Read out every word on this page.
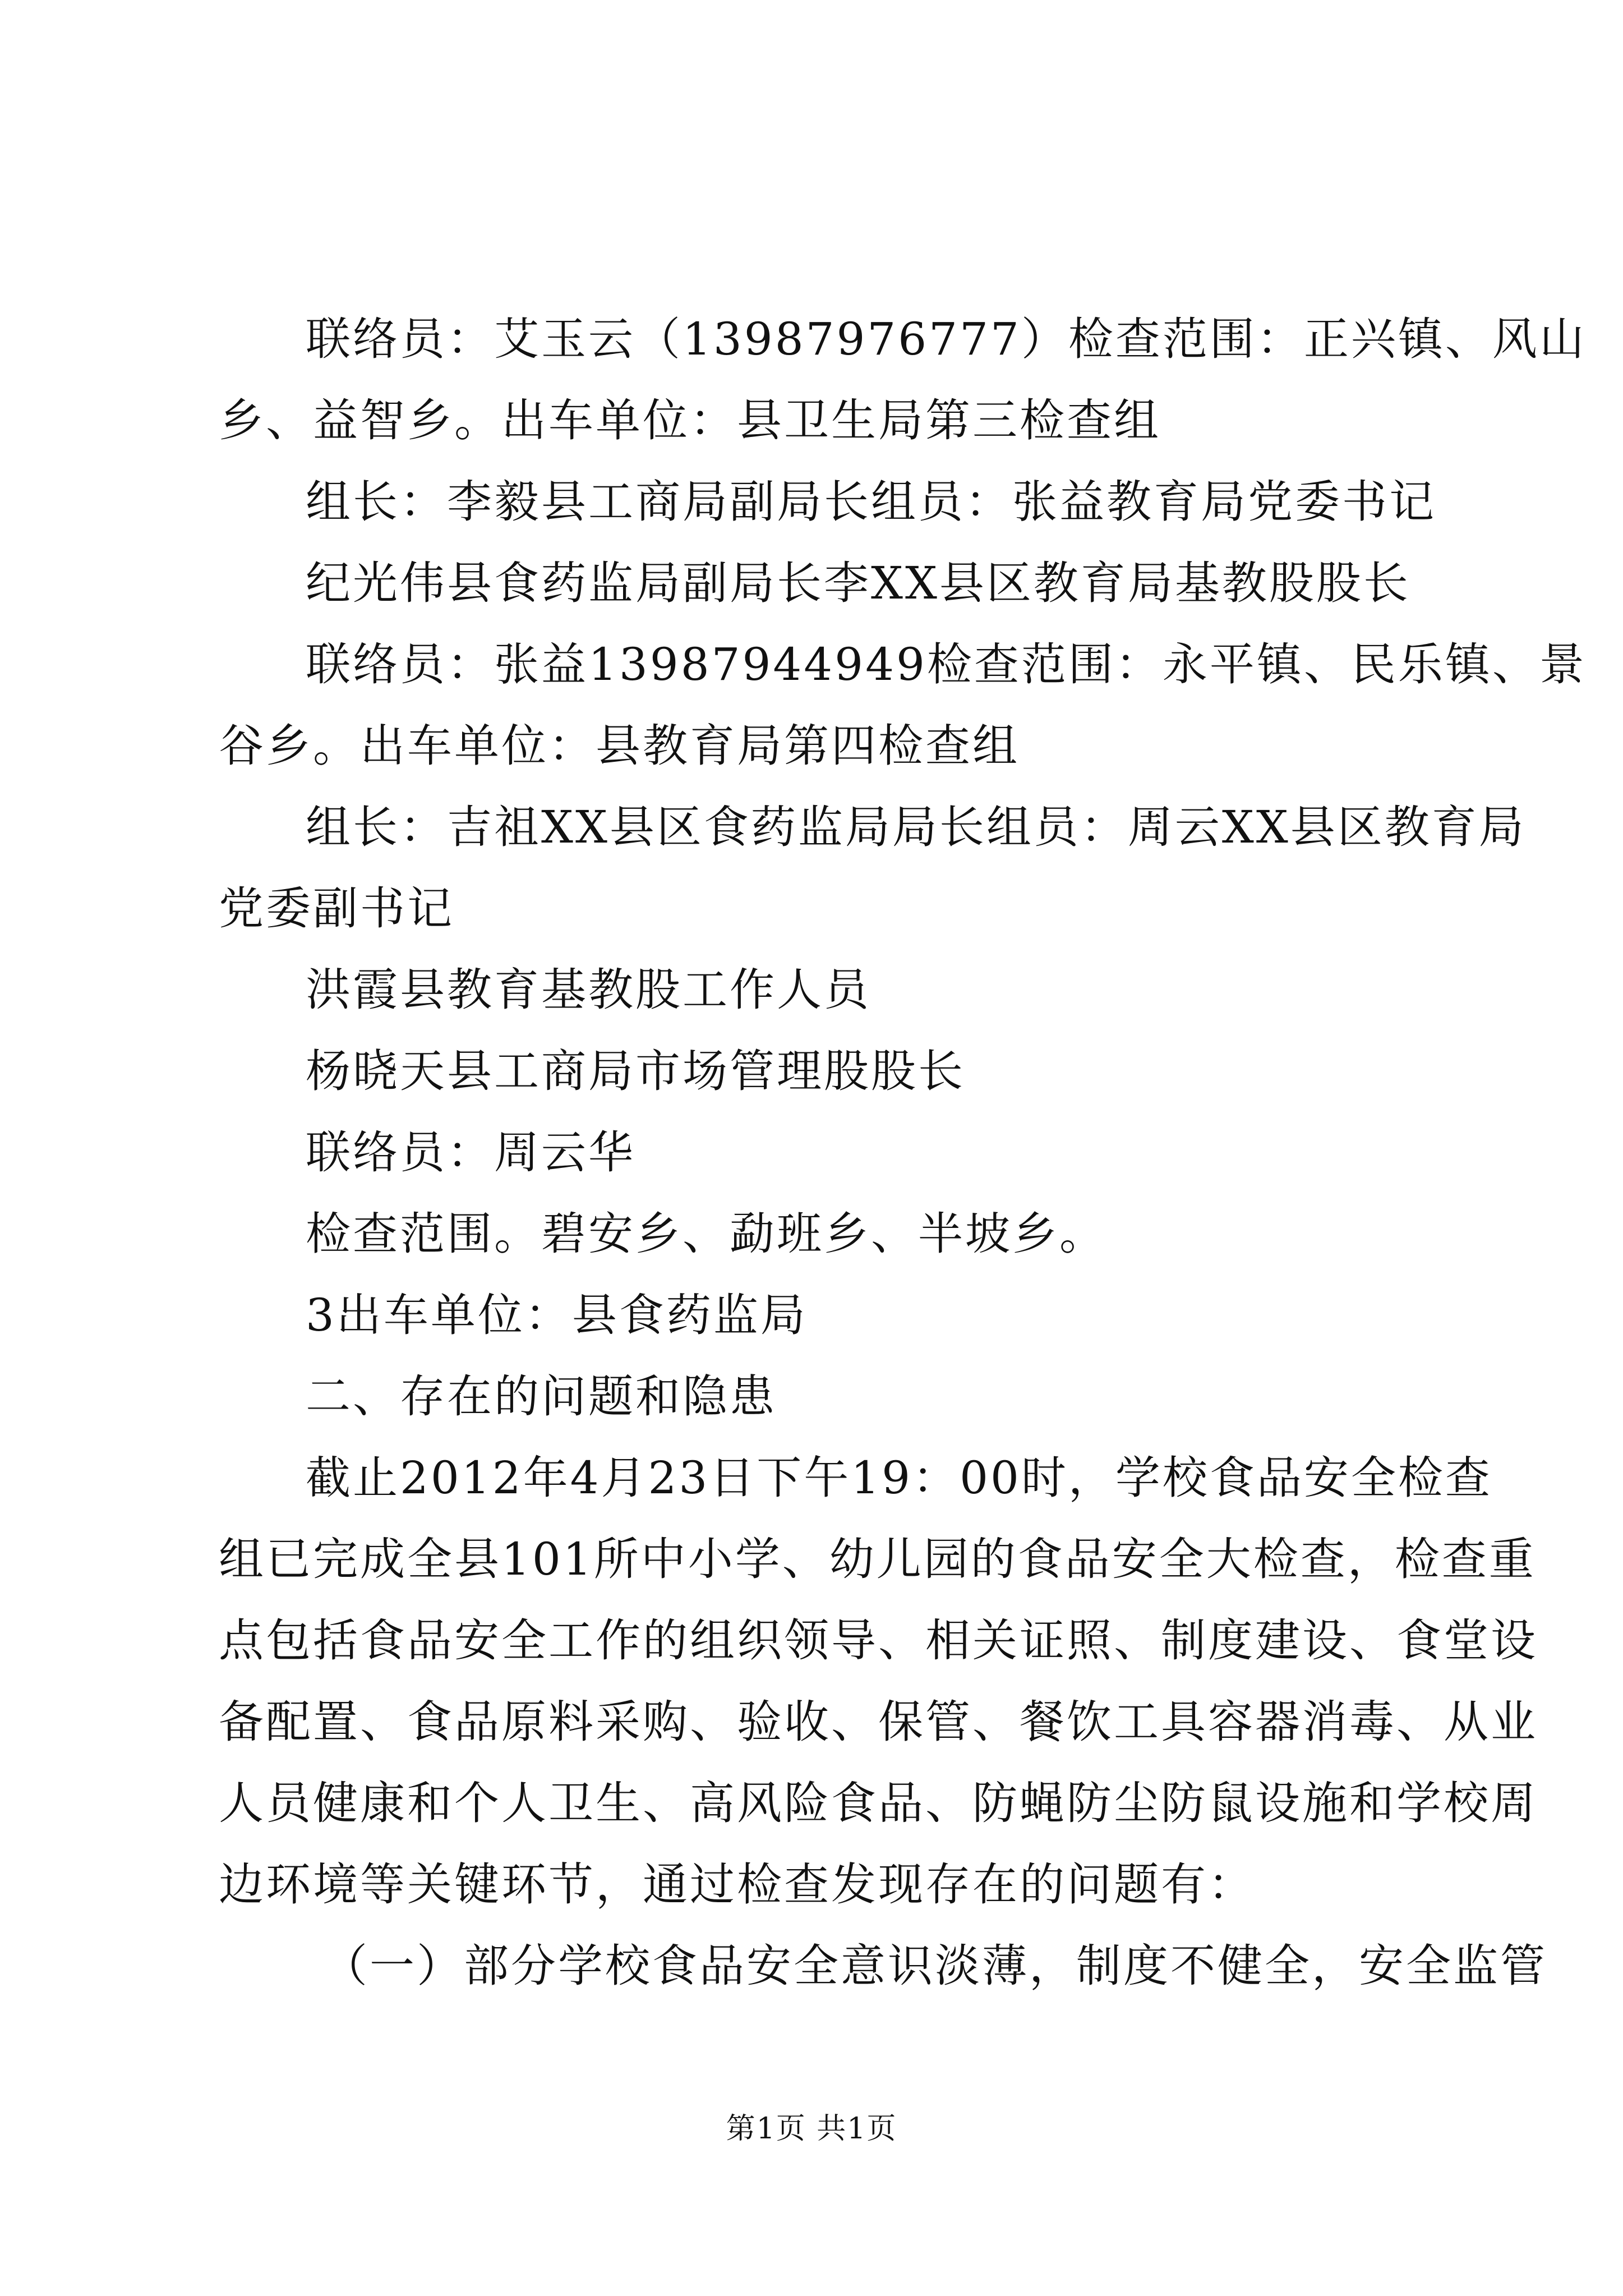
联络员：艾玉云（13987976777）检查范围：正兴镇、风山
乡、益智乡。出车单位：县卫生局第三检查组
组长：李毅县工商局副局长组员：张益教育局党委书记
纪光伟县食药监局副局长李XX县区教育局基教股股长
联络员：张益13987944949检查范围：永平镇、民乐镇、景
谷乡。出车单位：县教育局第四检查组
组长：吉祖XX县区食药监局局长组员：周云XX县区教育局
党委副书记
洪霞县教育基教股工作人员
杨晓天县工商局市场管理股股长
联络员：周云华
检查范围。碧安乡、勐班乡、半坡乡。
3出车单位：县食药监局
二、存在的问题和隐患
截止2012年4月23日下午19：00时，学校食品安全检查
组已完成全县101所中小学、幼儿园的食品安全大检查，检查重
点包括食品安全工作的组织领导、相关证照、制度建设、食堂设
备配置、食品原料采购、验收、保管、餐饮工具容器消毒、从业
人员健康和个人卫生、高风险食品、防蝇防尘防鼠设施和学校周
边环境等关键环节，通过检查发现存在的问题有：
（一）部分学校食品安全意识淡薄，制度不健全，安全监管
第1页 共1页
